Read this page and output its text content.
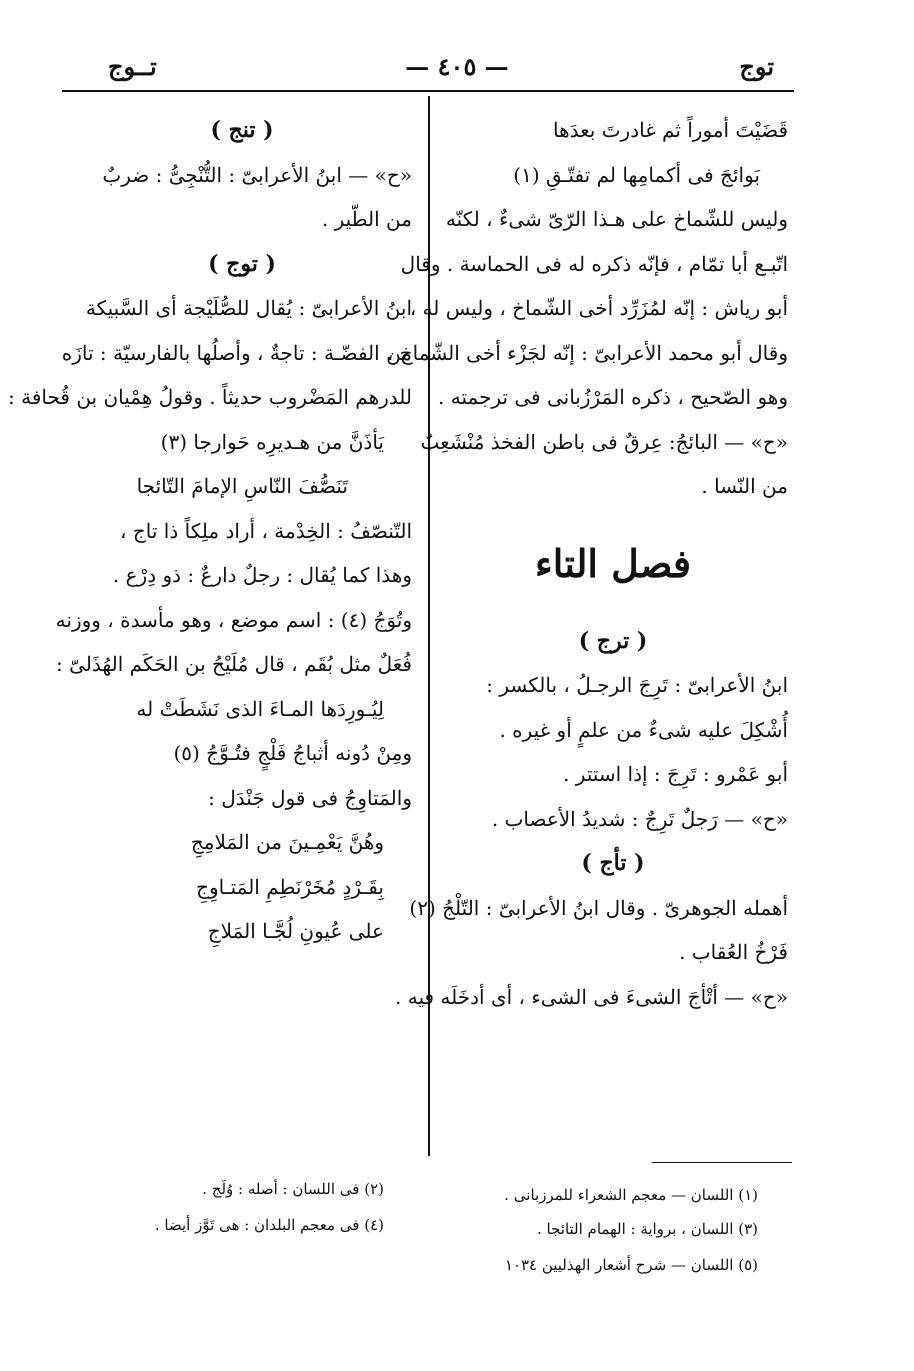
توج
— ٤٠٥ —
تــوج
قَضَيْتَ أموراً ثم غادرتَ بعدَها
بَوائجَ فى أكمامِها لم تفتّـقِ (١)
وليس للشّماخ على هـذا الرّىّ شىءٌ ، لكنّه
اتّبـع أبا تمّام ، فإنّه ذكره له فى الحماسة . وقال
أبو رياش : إنّه لمُزَرِّد أخى الشّماخ ، وليس له ،
وقال أبو محمد الأعرابىّ : إنّه لجَزْء أخى الشّماخ ،
وهو الصّحيح ، ذكره المَرْزُبانى فى ترجمته .
«ح» — البائجُ: عِرقٌ فى باطن الفخذ مُنْشَعِبٌ
من النّسا .
فصل التاء
( ترج )
ابنُ الأعرابىّ : تَرِجَ الرجـلُ ، بالكسر :
أُشْكِلَ عليه شىءٌ من علمٍ أو غيره .
أبو عَمْرو : تَرِجَ : إذا استتر .
«ح» — رَجلٌ تَرِجٌ : شديدُ الأعصاب .
( تأج )
أهمله الجوهرىّ . وقال ابنُ الأعرابىّ : التّلْجُ (٢)
فَرْخُ العُقاب .
«ح» — أتْأجَ الشىءَ فى الشىء ، أى أدخَلَه فيه .
( تنج )
«ح» — ابنُ الأعرابىّ : التُّنْجِىُّ : ضربٌ
من الطّير .
( توج )
ابنُ الأعرابىّ : يُقال للصُّلَيْجة أى السَّبيكة
من الفضّـة : تاجةٌ ، وأصلُها بالفارسيّة : تازَه
للدرهم المَضْروب حديثاً . وقولُ هِمْيان بن قُحافة :
يَأذَنَّ من هـديرِه حَوارجا (٣)
تَنَصُّفَ النّاسِ الإمامَ التّائجا
التّنصّفُ : الخِدْمة ، أراد ملِكاً ذا تاج ،
وهذا كما يُقال : رجلٌ دارعٌ : ذو دِرْع .
وتُوَجُ (٤) : اسم موضع ، وهو مأسدة ، ووزنه
فُعَلٌ مثل بُقَم ، قال مُلَيْحُ بن الحَكَم الهُذَلىّ :
لِيُـورِدَها المـاءَ الذى نَشَطَتْ له
ومِنْ دُونه أثباجُ فَلْجٍ فتُـوَّجُ (٥)
والمَتاوِجُ فى قول جَنْدَل :
وهُنَّ يَعْمِـينَ من المَلامِجِ
بِقَـرْدٍ مُخَرْنَطِمِ المَتـاوِجِ
على عُيونِ لُجَّـا المَلاجِ
(١) اللسان — معجم الشعراء للمرزبانى .
(٣) اللسان ، برواية : الهمام التائجا .
(٥) اللسان — شرح أشعار الهذليين ١٠٣٤
(٢) فى اللسان : أصله : وُلَج .
(٤) فى معجم البلدان : هى تَوَّز أيضا .
